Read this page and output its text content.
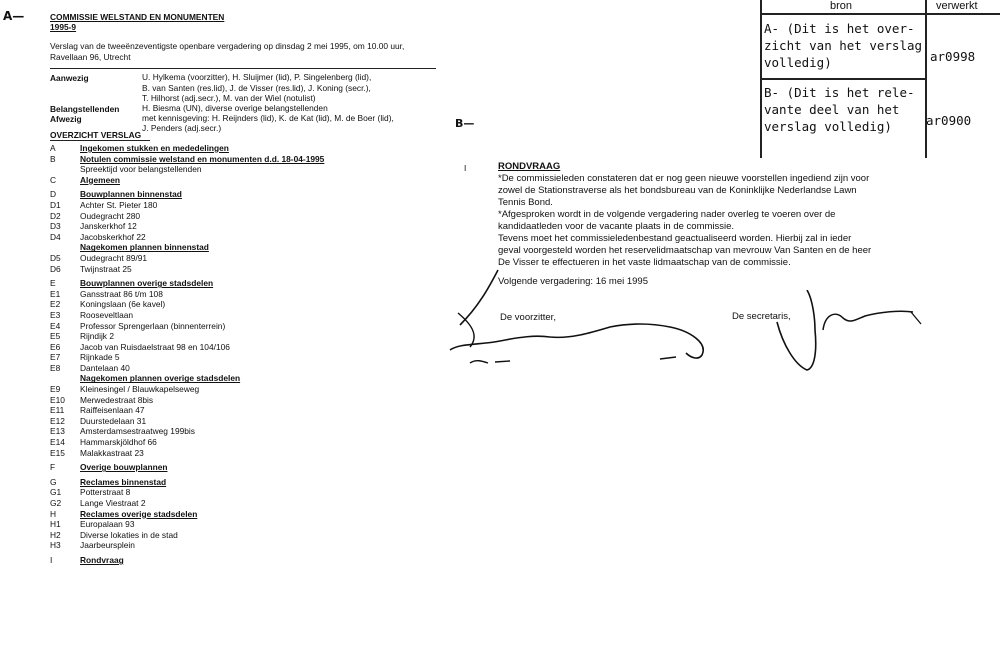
A—	COMMISSIE WELSTAND EN MONUMENTEN
1995-9
Verslag van de tweeënzeventigste openbare vergadering op dinsdag 2 mei 1995, om 10.00 uur,
Ravellaan 96, Utrecht
Aanwezig	U. Hylkema (voorzitter), H. Sluijmer (lid), P. Singelenberg (lid),
B. van Santen (res.lid), J. de Visser (res.lid), J. Koning (secr.),
T. Hilhorst (adj.secr.), M. van der Wiel (notulist)
Belangstellenden	H. Biesma (UN), diverse overige belangstellenden
Afwezig	met kennisgeving: H. Reijnders (lid), K. de Kat (lid), M. de Boer (lid),
J. Penders (adj.secr.)
OVERZICHT VERSLAG
A	Ingekomen stukken en mededelingen
B	Notulen commissie welstand en monumenten d.d. 18-04-1995
Spreektijd voor belangstellenden
C	Algemeen
D	Bouwplannen binnenstad
D1 Achter St. Pieter 180
D2 Oudegracht 280
D3 Janskerkhof 12
D4 Jacobskerkhof 22
Nagekomen plannen binnenstad
D5 Oudegracht 89/91
D6 Twijnstraat 25
E	Bouwplannen overige stadsdelen
E1 Gansstraat 86 t/m 108
E2 Koningslaan (6e kavel)
E3 Rooseveltlaan
E4 Professor Sprengerlaan (binnenterrein)
E5 Rijndijk 2
E6 Jacob van Ruisdaelstraat 98 en 104/106
E7 Rijnkade 5
E8 Dantelaan 40
Nagekomen plannen overige stadsdelen
E9 Kleinesingel / Blauwkapelseweg
E10 Merwedestraat 8bis
E11 Raiffeisenlaan 47
E12 Duurstedelaan 31
E13 Amsterdamsestraatweg 199bis
E14 Hammarskjöldhof 66
E15 Malakkastraat 23
F	Overige bouwplannen
G	Reclames binnenstad
G1 Potterstraat 8
G2 Lange Viestraat 2
H	Reclames overige stadsdelen
H1 Europalaan 93
H2 Diverse lokaties in de stad
H3 Jaarbeursplein
I	Rondvraag
B—
I	RONDVRAAG
*De commissieleden constateren dat er nog geen nieuwe voorstellen ingediend zijn voor
zowel de Stationstraverse als het bondsbureau van de Koninklijke Nederlandse Lawn
Tennis Bond.
*Afgesproken wordt in de volgende vergadering nader overleg te voeren over de
kandidaatleden voor de vacante plaats in de commissie.
Tevens moet het commissieledenbestand geactualiseerd worden. Hierbij zal in ieder
geval voorgesteld worden het reservelidmaatschap van mevrouw Van Santen en de heer
De Visser te effectueren in het vaste lidmaatschap van de commissie.
Volgende vergadering: 16 mei 1995
De voorzitter,	De secretaris,
bron	verwerkt
A- (Dit is het over-
zicht van het verslag
volledig)	ar0998
B- (Dit is het rele-
vante deel van het
verslag volledig)	ar0900
